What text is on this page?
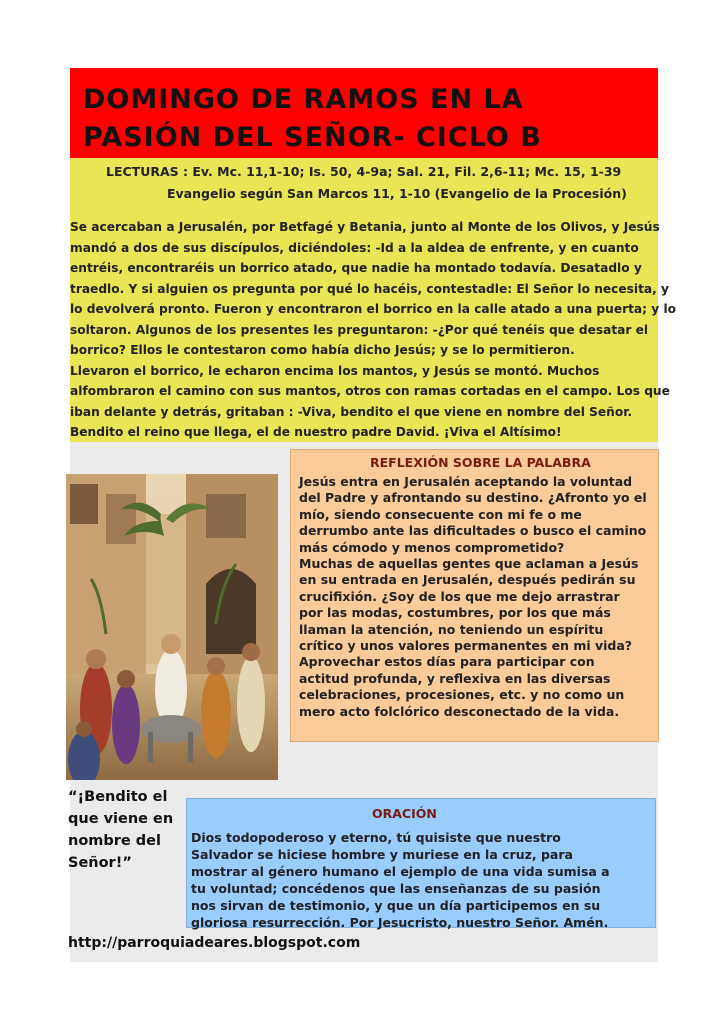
DOMINGO DE RAMOS EN LA
PASIÓN DEL SEÑOR- CICLO B
LECTURAS : Ev. Mc. 11,1-10; Is. 50, 4-9a; Sal. 21, Fil. 2,6-11; Mc. 15, 1-39
Evangelio según San Marcos 11, 1-10 (Evangelio de la Procesión)
Se acercaban a Jerusalén, por Betfagé y Betania, junto al Monte de los Olivos, y Jesús
mandó a dos de sus discípulos, diciéndoles: -Id a la aldea de enfrente, y en cuanto
entréis, encontraréis un borrico atado, que nadie ha montado todavía. Desatadlo y
traedlo. Y si alguien os pregunta por qué lo hacéis, contestadle: El Señor lo necesita, y
lo devolverá pronto. Fueron y encontraron el borrico en la calle atado a una puerta; y lo
soltaron. Algunos de los presentes les preguntaron: -¿Por qué tenéis que desatar el
borrico? Ellos le contestaron como había dicho Jesús; y se lo permitieron.
Llevaron el borrico, le echaron encima los mantos, y Jesús se montó. Muchos
alfombraron el camino con sus mantos, otros con ramas cortadas en el campo. Los que
iban delante y detrás, gritaban : -Viva, bendito el que viene en nombre del Señor.
Bendito el reino que llega, el de nuestro padre David. ¡Viva el Altísimo!
REFLEXIÓN SOBRE LA PALABRA
Jesús entra en Jerusalén aceptando la voluntad
del Padre y afrontando su destino. ¿Afronto yo el
mío, siendo consecuente con mi fe o me
derrumbo ante las dificultades o busco el camino
más cómodo y menos comprometido?
Muchas de aquellas gentes que aclaman a Jesús
en su entrada en Jerusalén, después pedirán su
crucifixión. ¿Soy de los que me dejo arrastrar
por las modas, costumbres, por los que más
llaman la atención, no teniendo un espíritu
crítico y unos valores permanentes en mi vida?
Aprovechar estos días para participar con
actitud profunda, y reflexiva en las diversas
celebraciones, procesiones, etc. y no como un
mero acto folclórico desconectado de la vida.
“¡Bendito el
que viene en
nombre del
Señor!”
ORACIÓN
Dios todopoderoso y eterno, tú quisiste que nuestro
Salvador se hiciese hombre y muriese en la cruz, para
mostrar al género humano el ejemplo de una vida sumisa a
tu voluntad; concédenos que las enseñanzas de su pasión
nos sirvan de testimonio, y que un día participemos en su
gloriosa resurrección. Por Jesucristo, nuestro Señor. Amén.
http://parroquiadeares.blogspot.com
